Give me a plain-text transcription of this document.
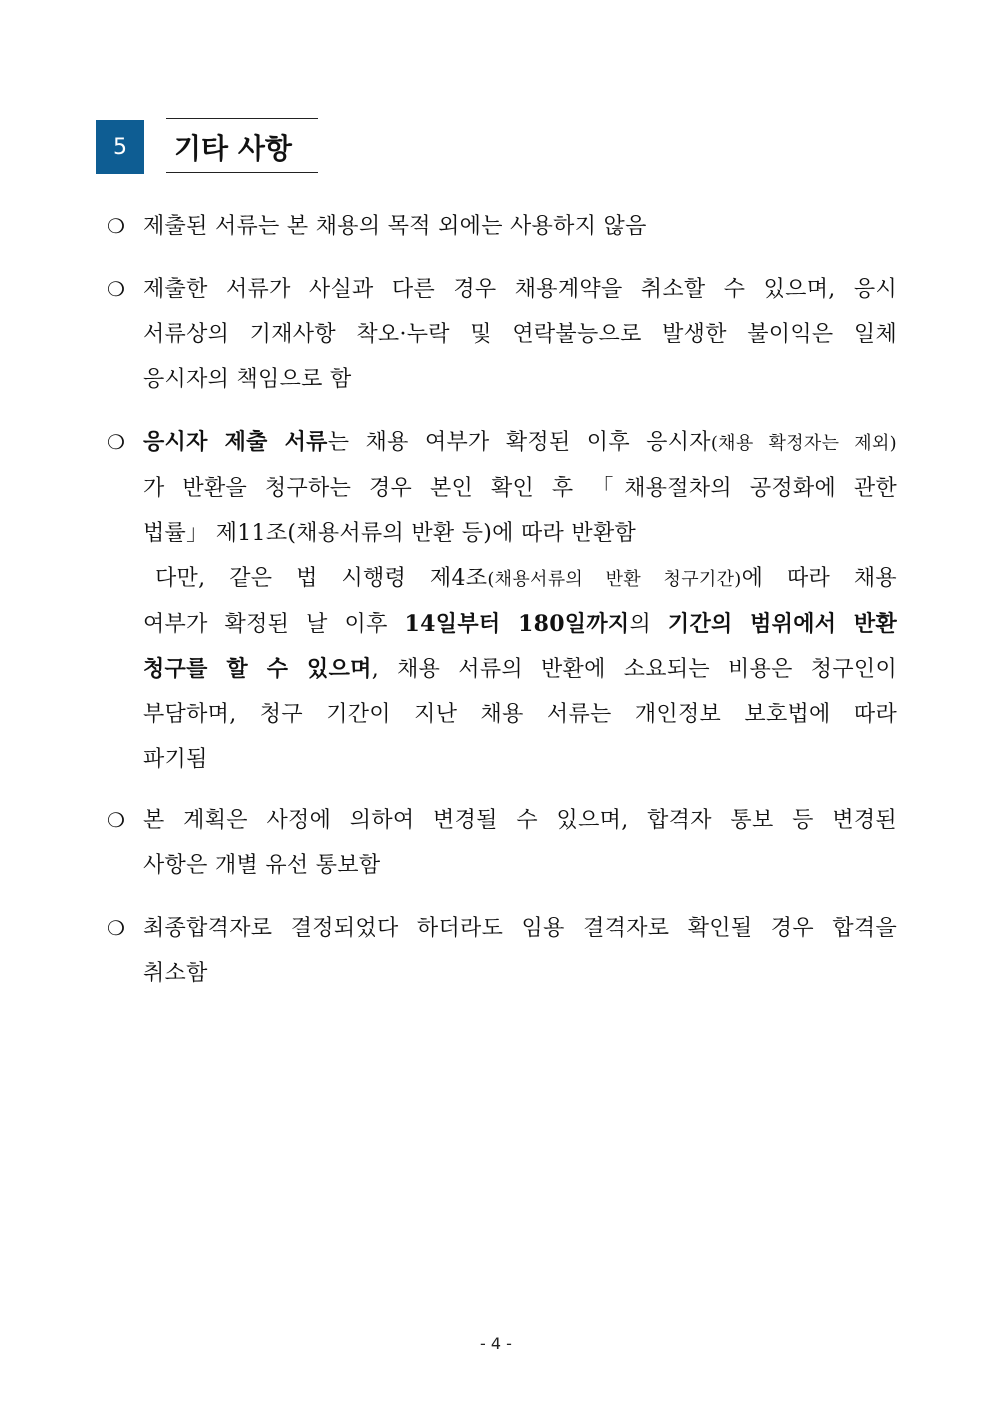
5	기타 사항
❍ 제출된 서류는 본 채용의 목적 외에는 사용하지 않음
❍ 제출한 서류가 사실과 다른 경우 채용계약을 취소할 수 있으며, 응시
서류상의 기재사항 착오·누락 및 연락불능으로 발생한 불이익은 일체
응시자의 책임으로 함
❍ 응시자 제출 서류는 채용 여부가 확정된 이후 응시자(채용 확정자는 제외)
가 반환을 청구하는 경우 본인 확인 후 「채용절차의 공정화에 관한
법률」 제11조(채용서류의 반환 등)에 따라 반환함
다만, 같은 법 시행령 제4조(채용서류의 반환 청구기간)에 따라 채용
여부가 확정된 날 이후 14일부터 180일까지의 기간의 범위에서 반환
청구를 할 수 있으며, 채용 서류의 반환에 소요되는 비용은 청구인이
부담하며, 청구 기간이 지난 채용 서류는 개인정보 보호법에 따라
파기됨
❍ 본 계획은 사정에 의하여 변경될 수 있으며, 합격자 통보 등 변경된
사항은 개별 유선 통보함
❍ 최종합격자로 결정되었다 하더라도 임용 결격자로 확인될 경우 합격을
취소함
- 4 -
